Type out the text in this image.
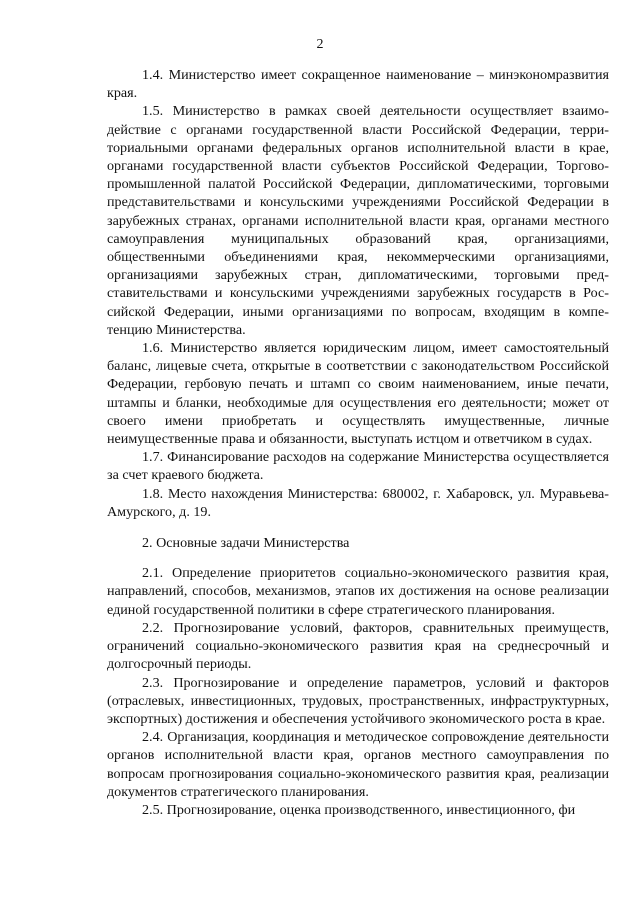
2

1.4. Министерство имеет сокращенное наименование – минэкономразвития края.

1.5. Министерство в рамках своей деятельности осуществляет взаимодействие с органами государственной власти Российской Федерации, территориальными органами федеральных органов исполнительной власти в крае, органами государственной власти субъектов Российской Федерации, Торгово-промышленной палатой Российской Федерации, дипломатическими, торговыми представительствами и консульскими учреждениями Российской Федерации в зарубежных странах, органами исполнительной власти края, органами местного самоуправления муниципальных образований края, организациями, общественными объединениями края, некоммерческими организациями, организациями зарубежных стран, дипломатическими, торговыми представительствами и консульскими учреждениями зарубежных государств в Российской Федерации, иными организациями по вопросам, входящим в компетенцию Министерства.

1.6. Министерство является юридическим лицом, имеет самостоятельный баланс, лицевые счета, открытые в соответствии с законодательством Российской Федерации, гербовую печать и штамп со своим наименованием, иные печати, штампы и бланки, необходимые для осуществления его деятельности; может от своего имени приобретать и осуществлять имущественные, личные неимущественные права и обязанности, выступать истцом и ответчиком в судах.

1.7. Финансирование расходов на содержание Министерства осуществляется за счет краевого бюджета.

1.8. Место нахождения Министерства: 680002, г. Хабаровск, ул. Муравьева-Амурского, д. 19.

2. Основные задачи Министерства

2.1. Определение приоритетов социально-экономического развития края, направлений, способов, механизмов, этапов их достижения на основе реализации единой государственной политики в сфере стратегического планирования.

2.2. Прогнозирование условий, факторов, сравнительных преимуществ, ограничений социально-экономического развития края на среднесрочный и долгосрочный периоды.

2.3. Прогнозирование и определение параметров, условий и факторов (отраслевых, инвестиционных, трудовых, пространственных, инфраструктурных, экспортных) достижения и обеспечения устойчивого экономического роста в крае.

2.4. Организация, координация и методическое сопровождение деятельности органов исполнительной власти края, органов местного самоуправления по вопросам прогнозирования социально-экономического развития края, реализации документов стратегического планирования.

2.5. Прогнозирование, оценка производственного, инвестиционного, фи
